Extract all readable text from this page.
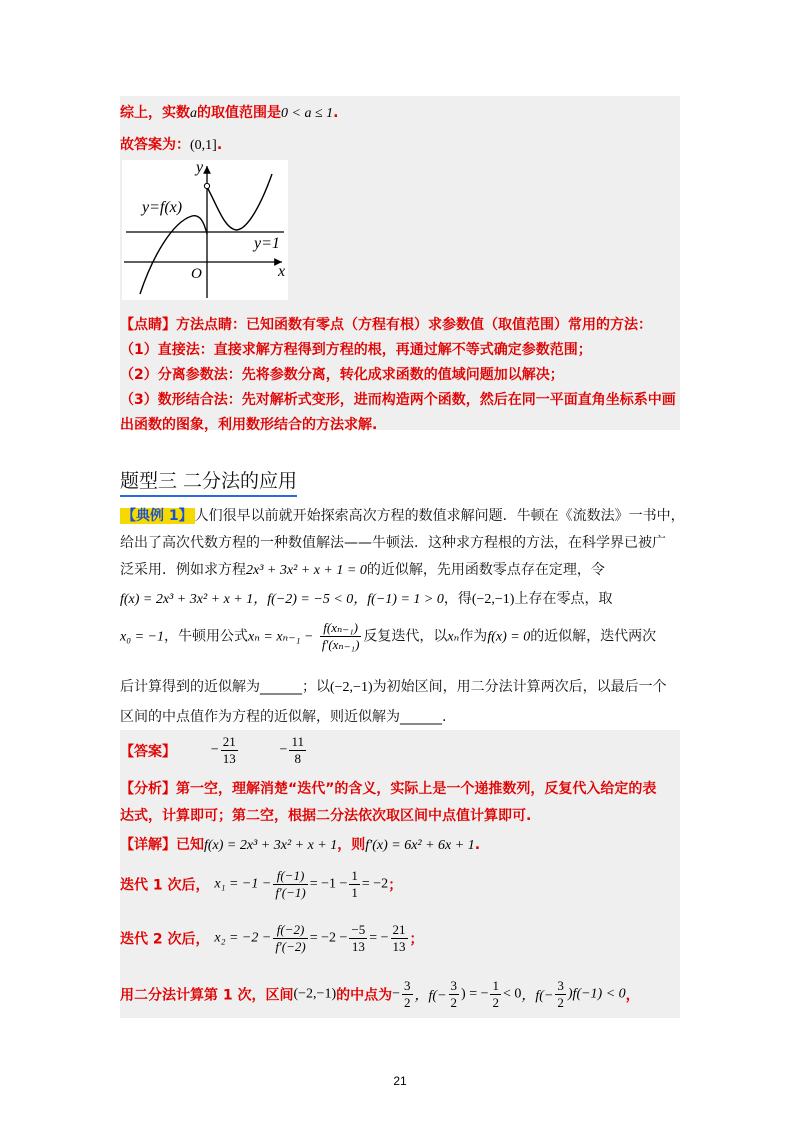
综上，实数a的取值范围是0 < a ≤ 1.
故答案为：(0,1].
y
x
O
y=f(x)
y=1
【点睛】方法点睛：已知函数有零点（方程有根）求参数值（取值范围）常用的方法：
（1）直接法：直接求解方程得到方程的根，再通过解不等式确定参数范围；
（2）分离参数法：先将参数分离，转化成求函数的值域问题加以解决；
（3）数形结合法：先对解析式变形，进而构造两个函数，然后在同一平面直角坐标系中画
出函数的图象，利用数形结合的方法求解.
题型三 二分法的应用
【典例 1】 人们很早以前就开始探索高次方程的数值求解问题．牛顿在《流数法》一书中，
给出了高次代数方程的一种数值解法——牛顿法．这种求方程根的方法，在科学界已被广
泛采用．例如求方程2x³ + 3x² + x + 1 = 0的近似解，先用函数零点存在定理，令
f(x) = 2x³ + 3x² + x + 1，f(−2) = −5 < 0，f(−1) = 1 > 0，得(−2,−1)上存在零点，取
x₀ = −1，牛顿用公式$x_n = x_{n-1} - \frac{\text{f(xₙ₋₁)}}{\text{f′(xₙ₋₁)}}$ 反复迭代，以xₙ作为f(x) = 0的近似解，迭代两次
后计算得到的近似解为______；以(−2,−1)为初始区间，用二分法计算两次后，以最后一个
区间的中点值作为方程的近似解，则近似解为______.
【答案】 − $\frac{21}{13}$	− $\frac{11}{8}$
【分析】第一空，理解消楚“迭代”的含义，实际上是一个递推数列，反复代入给定的表
达式，计算即可；第二空，根据二分法依次取区间中点值计算即可.
【详解】已知f(x) = 2x³ + 3x² + x + 1，则f′(x) = 6x² + 6x + 1.
迭代 1 次后， $x_1 = -1 - \frac{f(-1)}{f'(-1)} = -1 - \frac{1}{1} = -2$；
迭代 2 次后， $x_2 = -2 - \frac{f(-2)}{f'(-2)} = -2 - \frac{-5}{13}$ = − $\frac{21}{13}$ ；
用二分法计算第 1 次，区间(−2,−1)的中点为− $\frac{3}{2}$ ，$f(- \frac{3}{2}$ ) = − $\frac{1}{2} < 0$，$f(- \frac{3}{2} )f(-1) < 0$，
21
